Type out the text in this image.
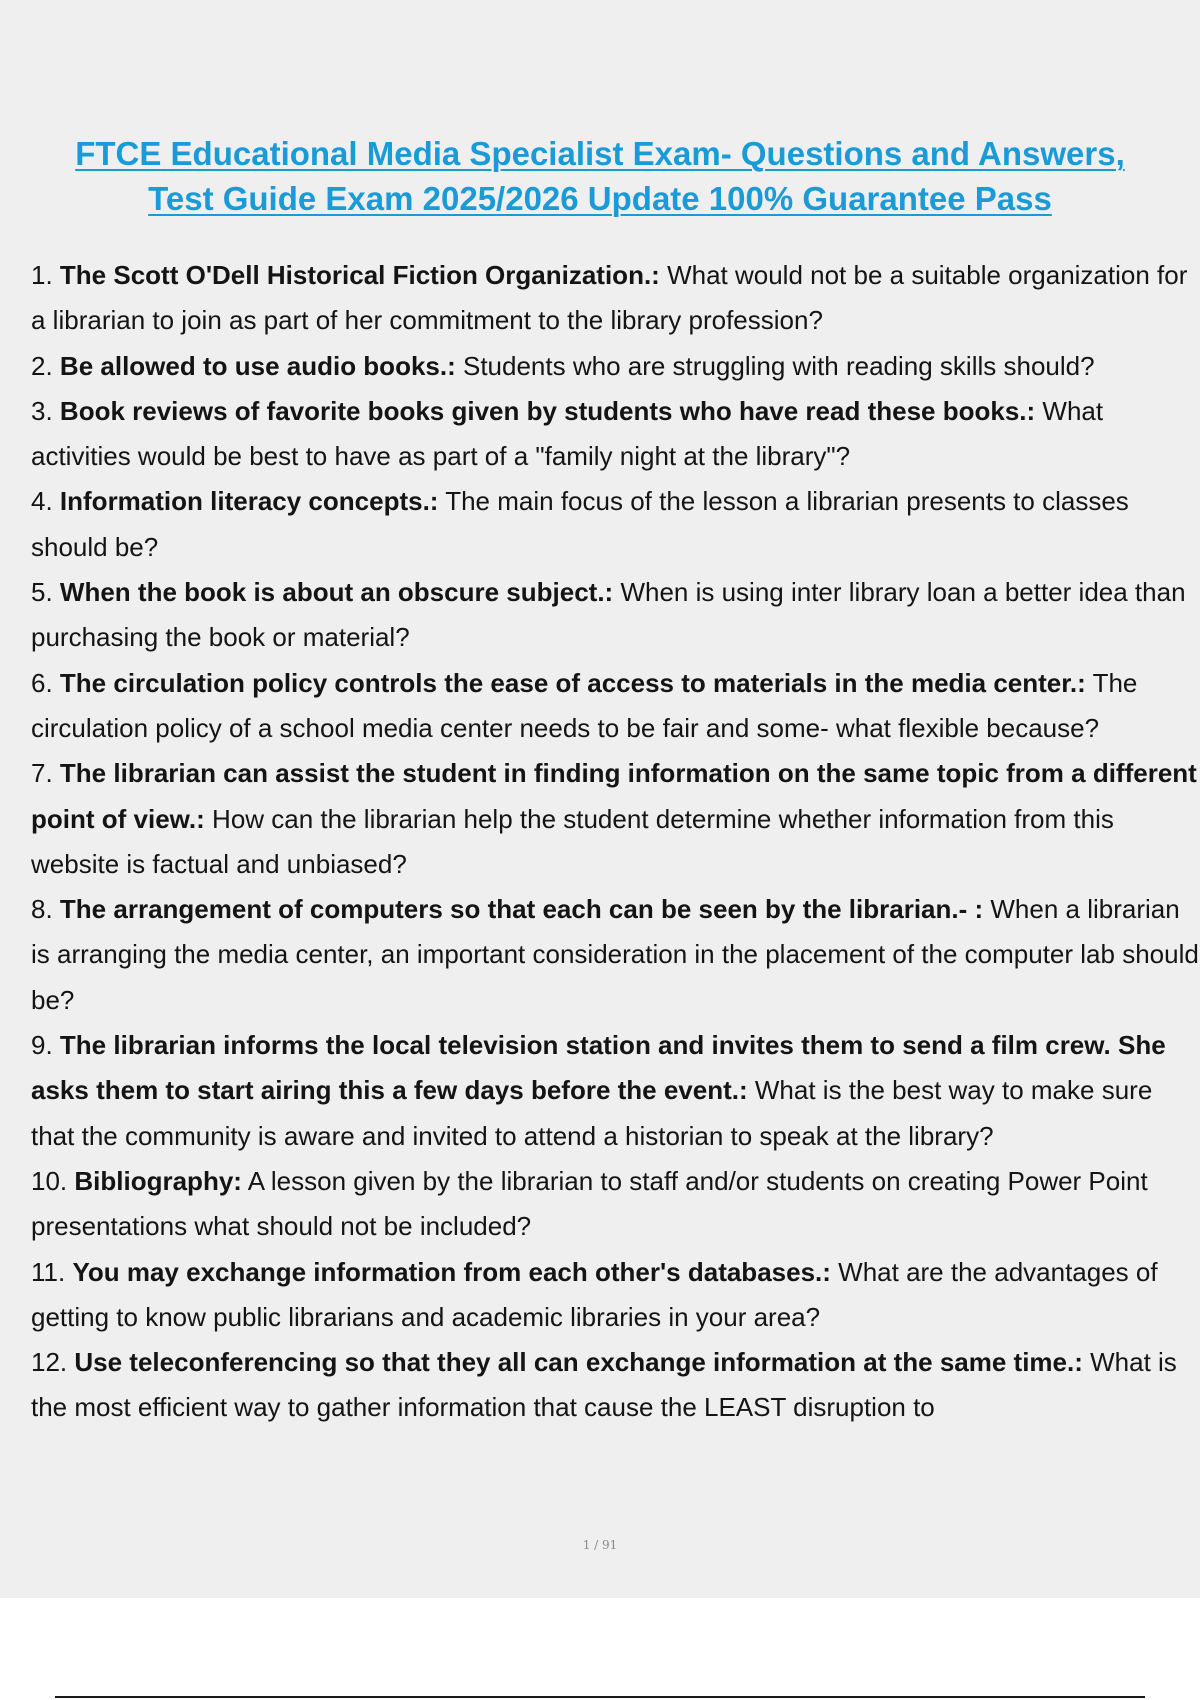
FTCE Educational Media Specialist Exam- Questions and Answers,
Test Guide Exam 2025/2026 Update 100% Guarantee Pass
1. The Scott O'Dell Historical Fiction Organization.: What would not be a suitable organization for a librarian to join as part of her commitment to the library profession?
2. Be allowed to use audio books.: Students who are struggling with reading skills should?
3. Book reviews of favorite books given by students who have read these books.: What activities would be best to have as part of a "family night at the library"?
4. Information literacy concepts.: The main focus of the lesson a librarian presents to classes should be?
5. When the book is about an obscure subject.: When is using inter library loan a better idea than purchasing the book or material?
6. The circulation policy controls the ease of access to materials in the media center.: The circulation policy of a school media center needs to be fair and some- what flexible because?
7. The librarian can assist the student in finding information on the same topic from a different point of view.: How can the librarian help the student determine whether information from this website is factual and unbiased?
8. The arrangement of computers so that each can be seen by the librarian.- : When a librarian is arranging the media center, an important consideration in the placement of the computer lab should be?
9. The librarian informs the local television station and invites them to send a film crew. She asks them to start airing this a few days before the event.: What is the best way to make sure that the community is aware and invited to attend a historian to speak at the library?
10. Bibliography: A lesson given by the librarian to staff and/or students on creating Power Point presentations what should not be included?
11. You may exchange information from each other's databases.: What are the advantages of getting to know public librarians and academic libraries in your area?
12. Use teleconferencing so that they all can exchange information at the same time.: What is the most efficient way to gather information that cause the LEAST disruption to
1 / 91
